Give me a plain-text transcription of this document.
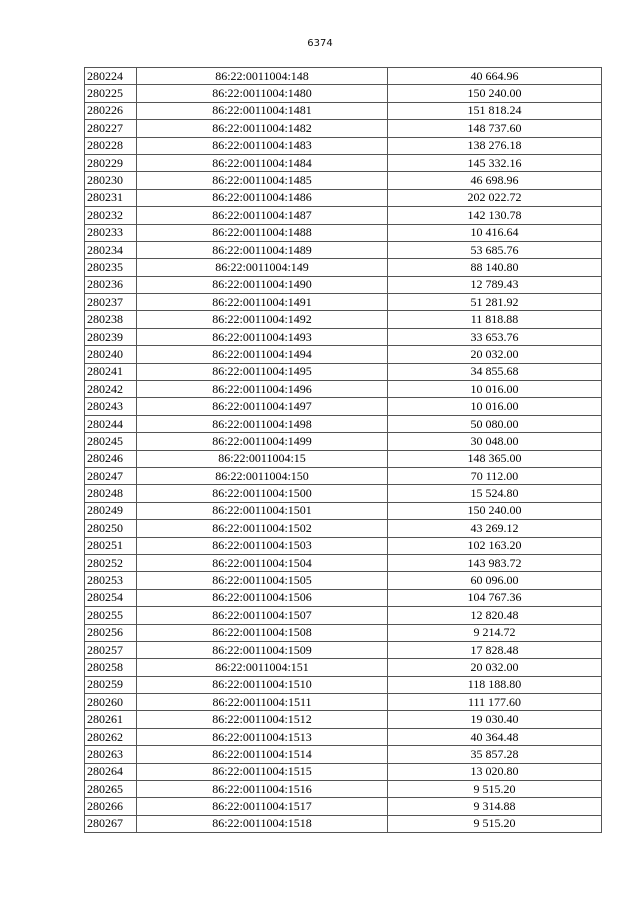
6374
280224	86:22:0011004:148	40 664.96
280225	86:22:0011004:1480	150 240.00
280226	86:22:0011004:1481	151 818.24
280227	86:22:0011004:1482	148 737.60
280228	86:22:0011004:1483	138 276.18
280229	86:22:0011004:1484	145 332.16
280230	86:22:0011004:1485	46 698.96
280231	86:22:0011004:1486	202 022.72
280232	86:22:0011004:1487	142 130.78
280233	86:22:0011004:1488	10 416.64
280234	86:22:0011004:1489	53 685.76
280235	86:22:0011004:149	88 140.80
280236	86:22:0011004:1490	12 789.43
280237	86:22:0011004:1491	51 281.92
280238	86:22:0011004:1492	11 818.88
280239	86:22:0011004:1493	33 653.76
280240	86:22:0011004:1494	20 032.00
280241	86:22:0011004:1495	34 855.68
280242	86:22:0011004:1496	10 016.00
280243	86:22:0011004:1497	10 016.00
280244	86:22:0011004:1498	50 080.00
280245	86:22:0011004:1499	30 048.00
280246	86:22:0011004:15	148 365.00
280247	86:22:0011004:150	70 112.00
280248	86:22:0011004:1500	15 524.80
280249	86:22:0011004:1501	150 240.00
280250	86:22:0011004:1502	43 269.12
280251	86:22:0011004:1503	102 163.20
280252	86:22:0011004:1504	143 983.72
280253	86:22:0011004:1505	60 096.00
280254	86:22:0011004:1506	104 767.36
280255	86:22:0011004:1507	12 820.48
280256	86:22:0011004:1508	9 214.72
280257	86:22:0011004:1509	17 828.48
280258	86:22:0011004:151	20 032.00
280259	86:22:0011004:1510	118 188.80
280260	86:22:0011004:1511	111 177.60
280261	86:22:0011004:1512	19 030.40
280262	86:22:0011004:1513	40 364.48
280263	86:22:0011004:1514	35 857.28
280264	86:22:0011004:1515	13 020.80
280265	86:22:0011004:1516	9 515.20
280266	86:22:0011004:1517	9 314.88
280267	86:22:0011004:1518	9 515.20
